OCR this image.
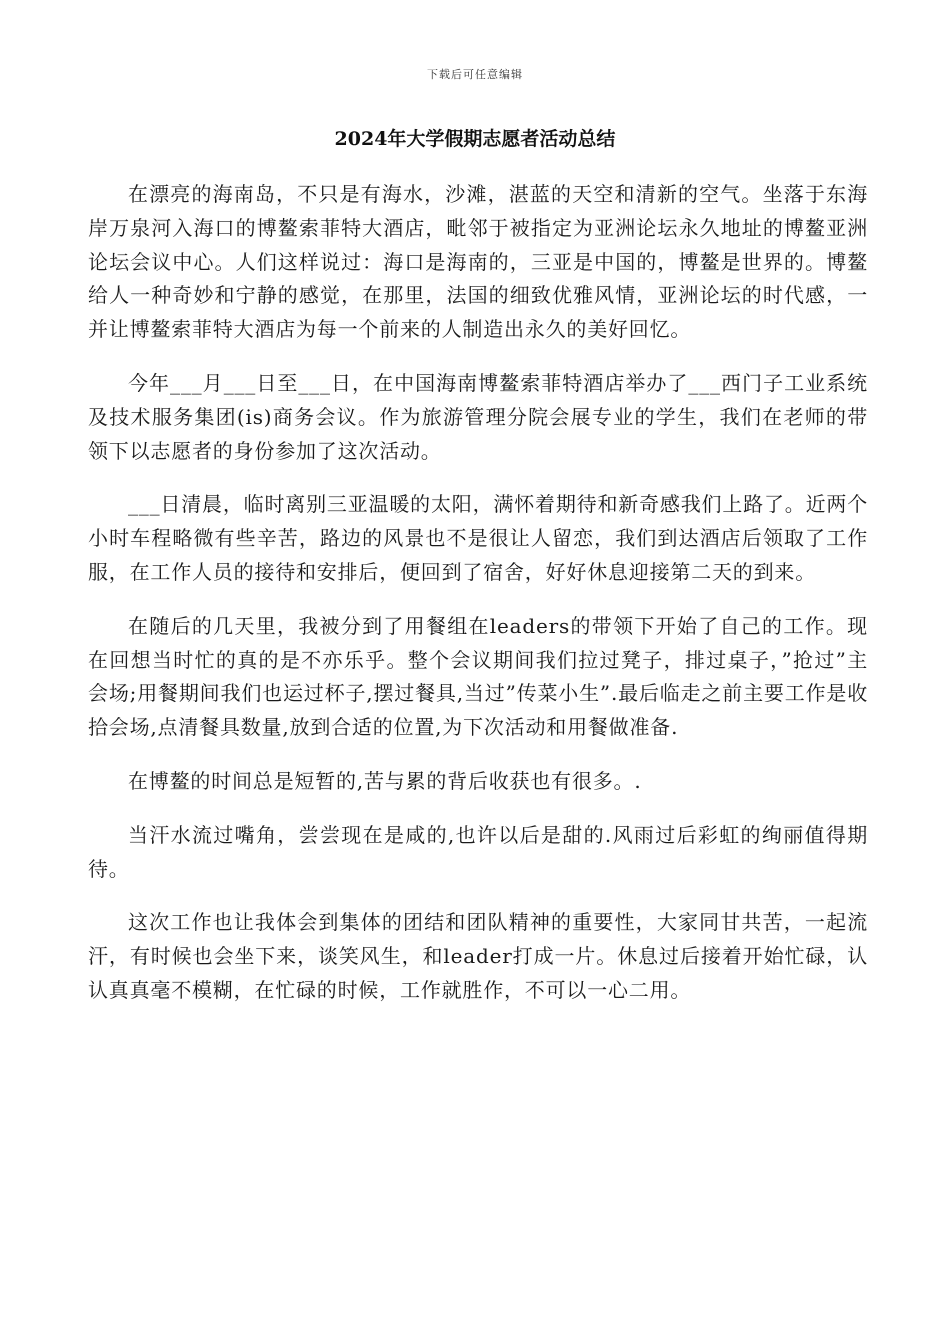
下载后可任意编辑
2024年大学假期志愿者活动总结

在漂亮的海南岛，不只是有海水，沙滩，湛蓝的天空和清新的空气。坐落于东海岸万泉河入海口的博鳌索菲特大酒店，毗邻于被指定为亚洲论坛永久地址的博鳌亚洲论坛会议中心。人们这样说过：海口是海南的，三亚是中国的，博鳌是世界的。博鳌给人一种奇妙和宁静的感觉，在那里，法国的细致优雅风情，亚洲论坛的时代感，一并让博鳌索菲特大酒店为每一个前来的人制造出永久的美好回忆。

今年___月___日至___日，在中国海南博鳌索菲特酒店举办了___西门子工业系统及技术服务集团(is)商务会议。作为旅游管理分院会展专业的学生，我们在老师的带领下以志愿者的身份参加了这次活动。

___日清晨，临时离别三亚温暖的太阳，满怀着期待和新奇感我们上路了。近两个小时车程略微有些辛苦，路边的风景也不是很让人留恋，我们到达酒店后领取了工作服，在工作人员的接待和安排后，便回到了宿舍，好好休息迎接第二天的到来。

在随后的几天里，我被分到了用餐组在leaders的带领下开始了自己的工作。现在回想当时忙的真的是不亦乐乎。整个会议期间我们拉过凳子，排过桌子，”抢过”主会场;用餐期间我们也运过杯子,摆过餐具,当过”传菜小生”.最后临走之前主要工作是收拾会场,点清餐具数量,放到合适的位置,为下次活动和用餐做准备.

在博鳌的时间总是短暂的,苦与累的背后收获也有很多。.

当汗水流过嘴角，尝尝现在是咸的,也许以后是甜的.风雨过后彩虹的绚丽值得期待。

这次工作也让我体会到集体的团结和团队精神的重要性，大家同甘共苦，一起流汗，有时候也会坐下来，谈笑风生，和leader打成一片。休息过后接着开始忙碌，认认真真毫不模糊，在忙碌的时候，工作就胜作，不可以一心二用。
